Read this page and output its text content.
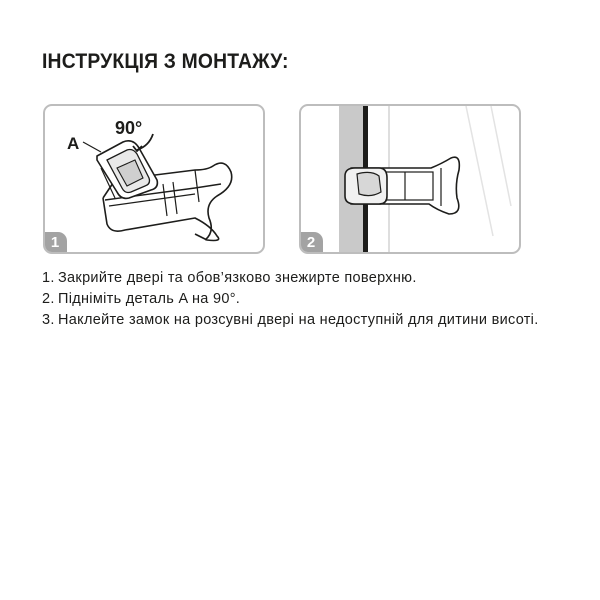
ІНСТРУКЦІЯ З МОНТАЖУ:
A
90°
1	2
1. Закрийте двері та обов’язково знежирте поверхню.
2. Підніміть деталь A на 90°.
3. Наклейте замок на розсувні двері на недоступній для дитини висоті.
